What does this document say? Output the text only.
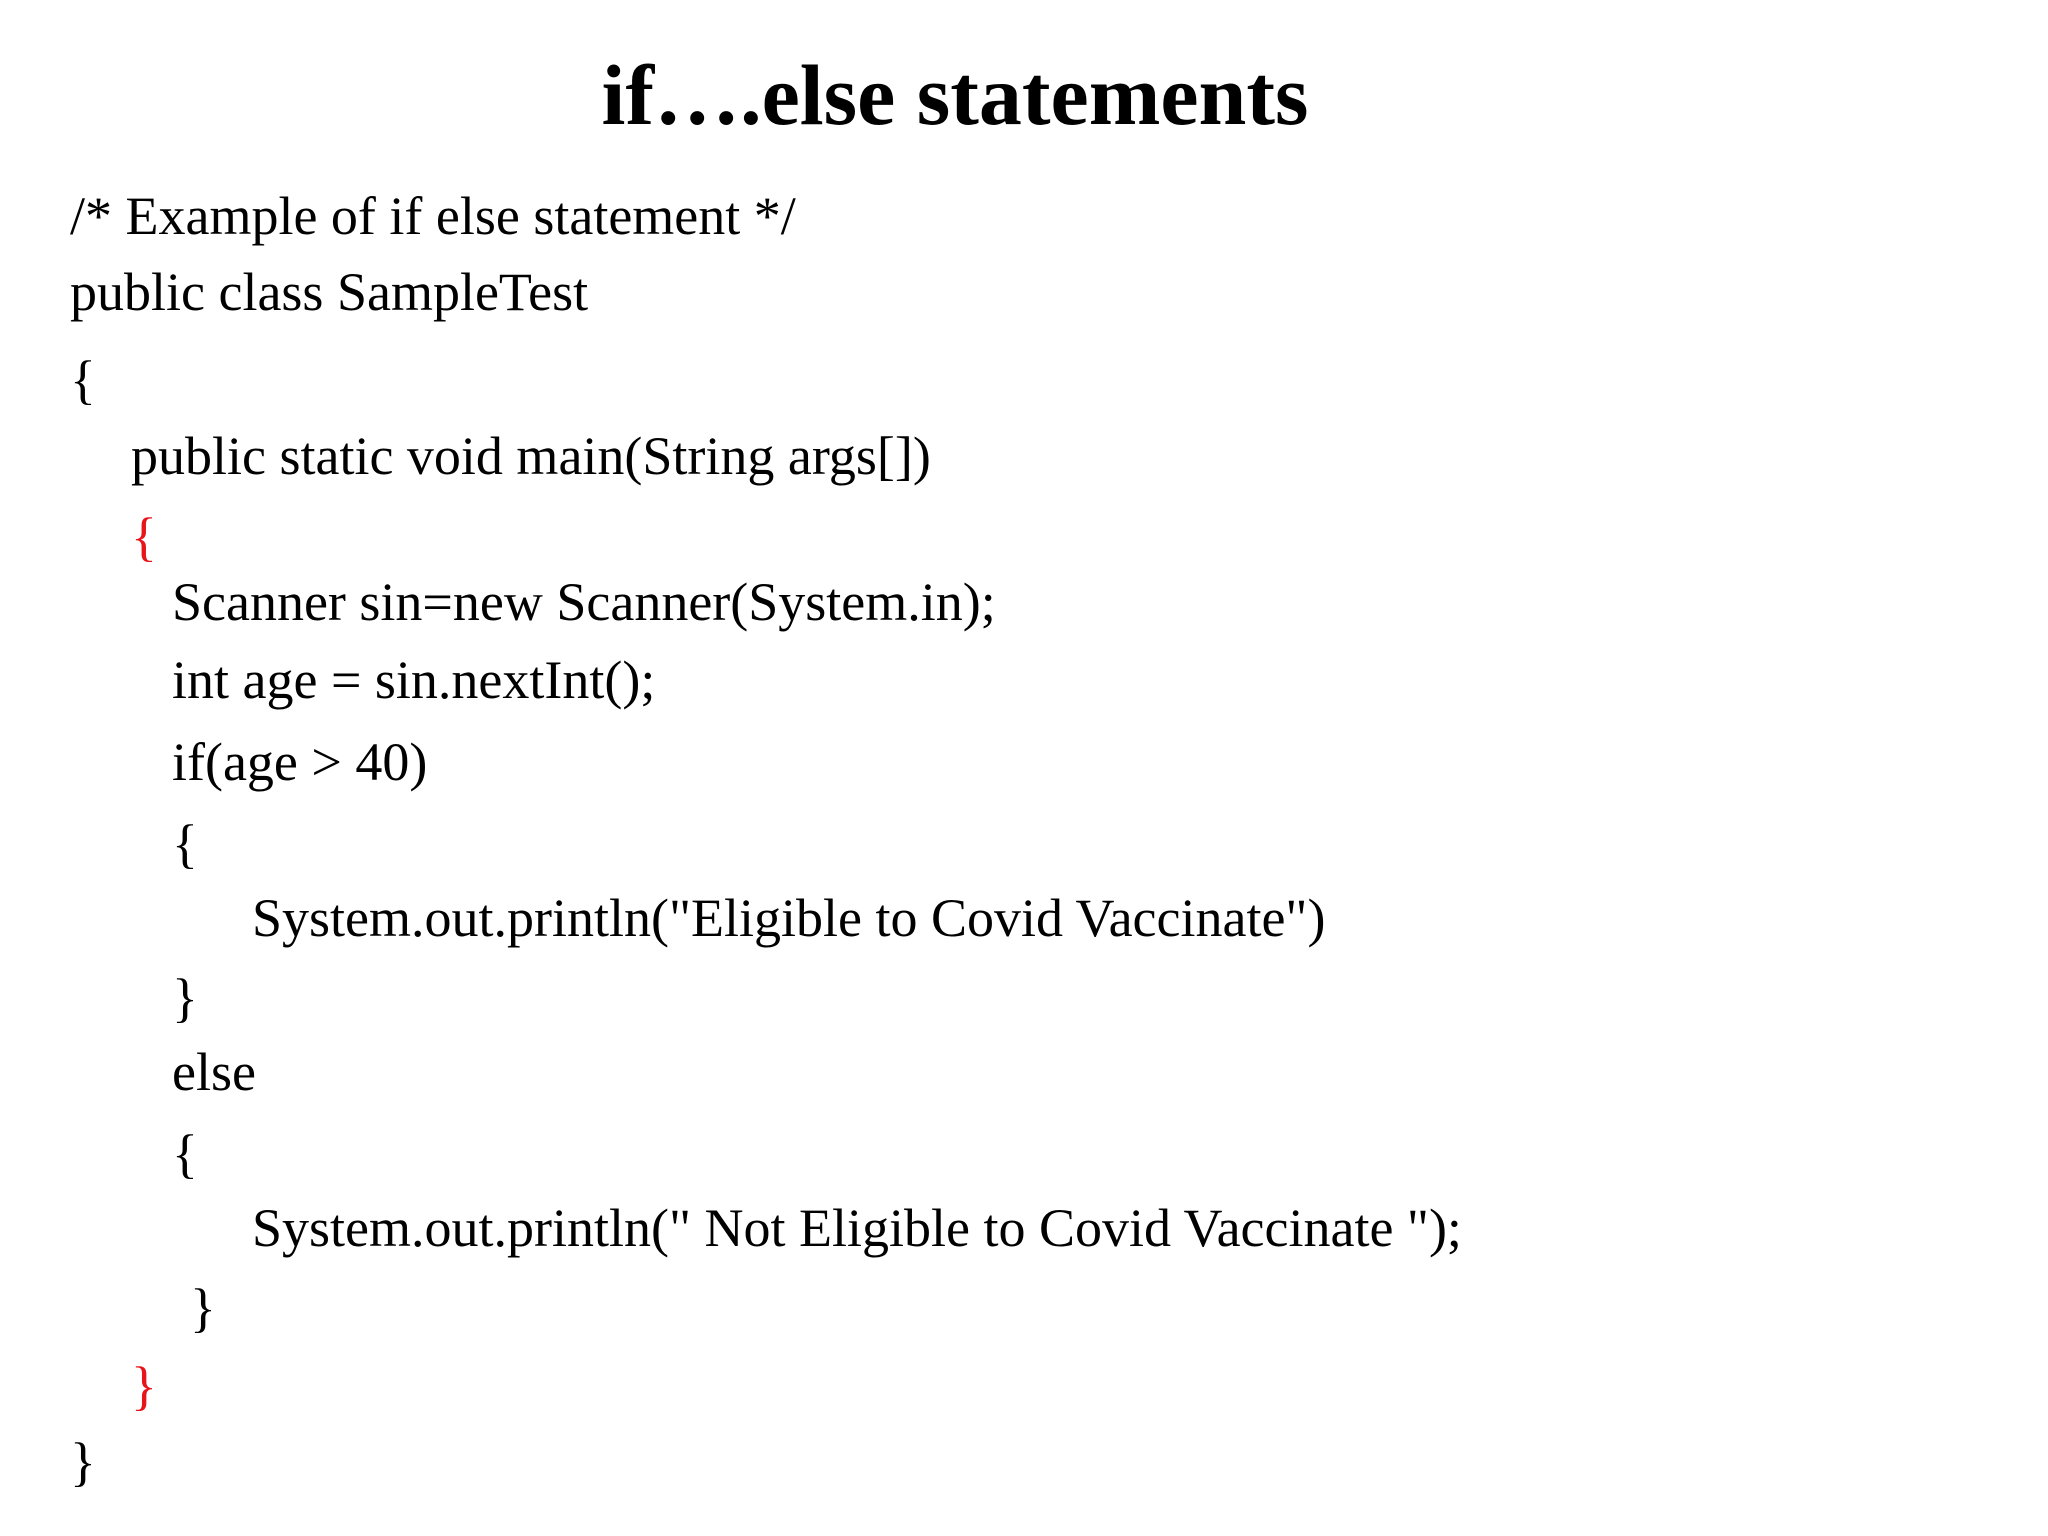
if….else statements
/* Example of if else statement */
public class SampleTest
{
public static void main(String args[])
{
Scanner sin=new Scanner(System.in);
int age = sin.nextInt();
if(age > 40)
{
System.out.println("Eligible to Covid Vaccinate")
}
else
{
System.out.println(" Not Eligible to Covid Vaccinate ");
}
}
}
